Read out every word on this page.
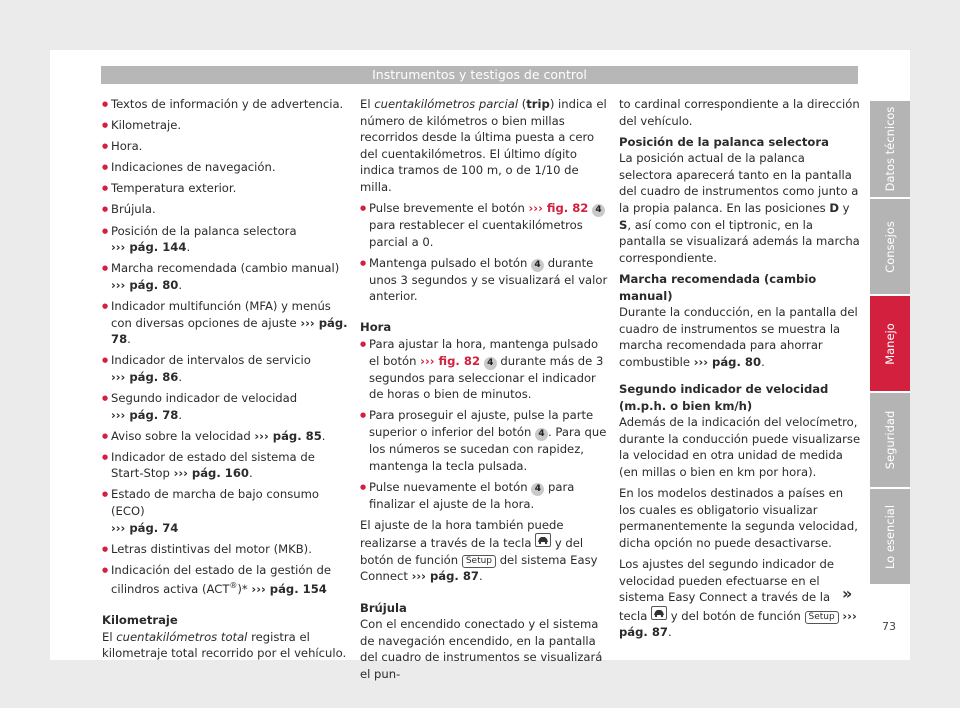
Instrumentos y testigos de control

● Textos de información y de advertencia.

● Kilometraje.

● Hora.

● Indicaciones de navegación.

● Temperatura exterior.

● Brújula.

● Posición de la palanca selectora
››› pág. 144.

● Marcha recomendada (cambio manual)
››› pág. 80.

● Indicador multifunción (MFA) y menús con diversas opciones de ajuste ››› pág. 78.

● Indicador de intervalos de servicio
››› pág. 86.

● Segundo indicador de velocidad
››› pág. 78.

● Aviso sobre la velocidad ››› pág. 85.

● Indicador de estado del sistema de Start-Stop ››› pág. 160.

● Estado de marcha de bajo consumo (ECO)
››› pág. 74

● Letras distintivas del motor (MKB).

● Indicación del estado de la gestión de cilindros activa (ACT®)* ››› pág. 154

Kilometraje

El cuentakilómetros total registra el kilometraje total recorrido por el vehículo.

El cuentakilómetros parcial (trip) indica el número de kilómetros o bien millas recorridos desde la última puesta a cero del cuentakilómetros. El último dígito indica tramos de 100 m, o de 1/10 de milla.

● Pulse brevemente el botón ››› fig. 82 4 para restablecer el cuentakilómetros parcial a 0.

● Mantenga pulsado el botón 4 durante unos 3 segundos y se visualizará el valor anterior.

Hora

● Para ajustar la hora, mantenga pulsado el botón ››› fig. 82 4 durante más de 3 segundos para seleccionar el indicador de horas o bien de minutos.

● Para proseguir el ajuste, pulse la parte superior o inferior del botón 4 . Para que los números se sucedan con rapidez, mantenga la tecla pulsada.

● Pulse nuevamente el botón 4 para finalizar el ajuste de la hora.

El ajuste de la hora también puede realizarse a través de la tecla y del botón de función Setup del sistema Easy Connect ››› pág. 87.

Brújula

Con el encendido conectado y el sistema de navegación encendido, en la pantalla del cuadro de instrumentos se visualizará el pun-

to cardinal correspondiente a la dirección del vehículo.

Posición de la palanca selectora

La posición actual de la palanca selectora aparecerá tanto en la pantalla del cuadro de instrumentos como junto a la propia palanca. En las posiciones D y S, así como con el tiptronic, en la pantalla se visualizará además la marcha correspondiente.

Marcha recomendada (cambio manual)

Durante la conducción, en la pantalla del cuadro de instrumentos se muestra la marcha recomendada para ahorrar combustible ››› pág. 80.

Segundo indicador de velocidad (m.p.h. o bien km/h)

Además de la indicación del velocímetro, durante la conducción puede visualizarse la velocidad en otra unidad de medida (en millas o bien en km por hora).

En los modelos destinados a países en los cuales es obligatorio visualizar permanentemente la segunda velocidad, dicha opción no puede desactivarse.

Los ajustes del segundo indicador de velocidad pueden efectuarse en el sistema Easy Connect a través de la tecla y del botón de función Setup ››› pág. 87.

»
Datos técnicos
Consejos
Manejo
Seguridad
Lo esencial
73
